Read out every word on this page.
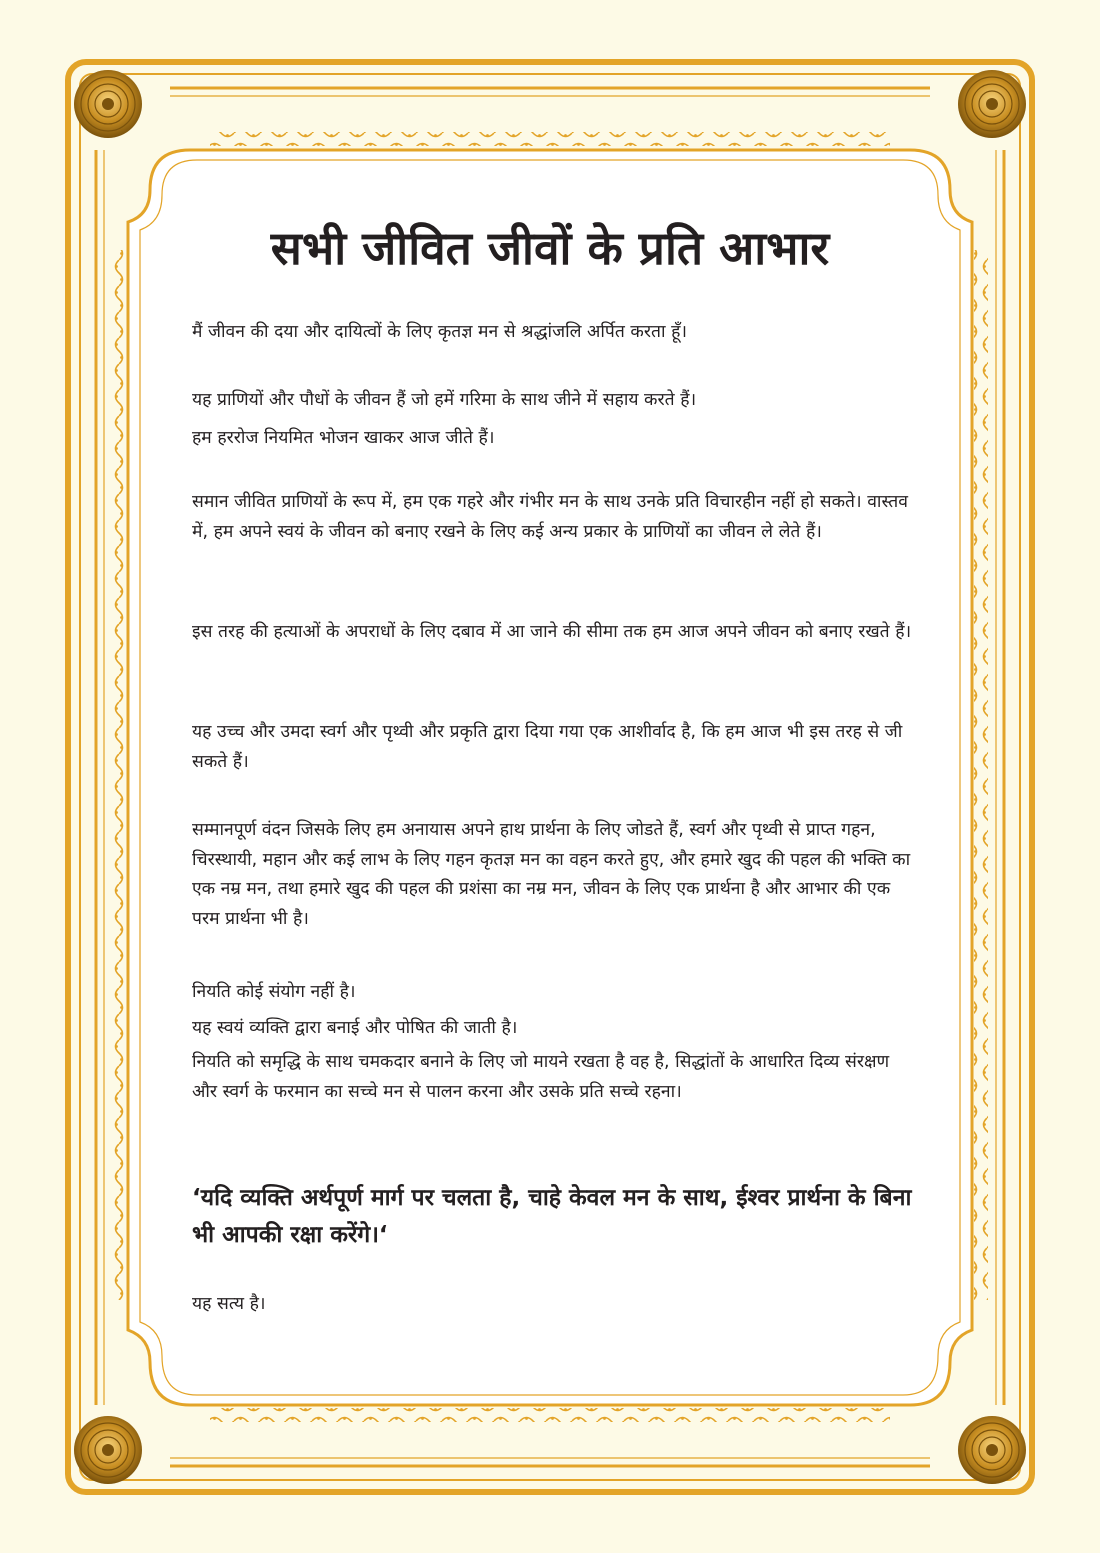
सभी जीवित जीवों के प्रति आभार

मैं जीवन की दया और दायित्वों के लिए कृतज्ञ मन से श्रद्धांजलि अर्पित करता हूँ।

यह प्राणियों और पौधों के जीवन हैं जो हमें गरिमा के साथ जीने में सहाय करते हैं।

हम हररोज नियमित भोजन खाकर आज जीते हैं।

समान जीवित प्राणियों के रूप में, हम एक गहरे और गंभीर मन के साथ उनके प्रति विचारहीन नहीं हो सकते। वास्तव में, हम अपने स्वयं के जीवन को बनाए रखने के लिए कई अन्य प्रकार के प्राणियों का जीवन ले लेते हैं।

इस तरह की हत्याओं के अपराधों के लिए दबाव में आ जाने की सीमा तक हम आज अपने जीवन को बनाए रखते हैं।

यह उच्च और उमदा स्वर्ग और पृथ्वी और प्रकृति द्वारा दिया गया एक आशीर्वाद है, कि हम आज भी इस तरह से जी सकते हैं।

सम्मानपूर्ण वंदन जिसके लिए हम अनायास अपने हाथ प्रार्थना के लिए जोडते हैं, स्वर्ग और पृथ्वी से प्राप्त गहन, चिरस्थायी, महान और कई लाभ के लिए गहन कृतज्ञ मन का वहन करते हुए, और हमारे खुद की पहल की भक्ति का एक नम्र मन, तथा हमारे खुद की पहल की प्रशंसा का नम्र मन, जीवन के लिए एक प्रार्थना है और आभार की एक परम प्रार्थना भी है।

नियति कोई संयोग नहीं है।

यह स्वयं व्यक्ति द्वारा बनाई और पोषित की जाती है।

नियति को समृद्धि के साथ चमकदार बनाने के लिए जो मायने रखता है वह है, सिद्धांतों के आधारित दिव्य संरक्षण और स्वर्ग के फरमान का सच्चे मन से पालन करना और उसके प्रति सच्चे रहना।

‘यदि व्यक्ति अर्थपूर्ण मार्ग पर चलता है, चाहे केवल मन के साथ, ईश्वर प्रार्थना के बिना भी आपकी रक्षा करेंगे।‘

यह सत्य है।
